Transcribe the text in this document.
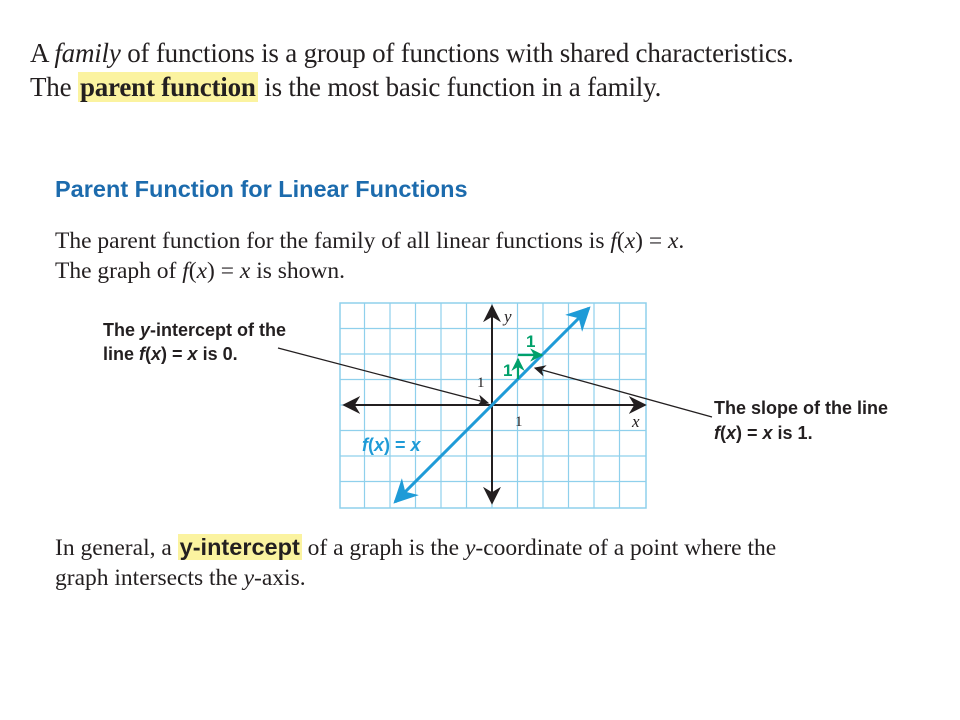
A family of functions is a group of functions with shared characteristics.
The parent function is the most basic function in a family.
Parent Function for Linear Functions
The parent function for the family of all linear functions is f(x) = x.
The graph of f(x) = x is shown.
1
1
y
x
1
1
f(x) = x
The y-intercept of the
line f(x) = x is 0.
The slope of the line
f(x) = x is 1.
In general, a y-intercept of a graph is the y-coordinate of a point where the
graph intersects the y-axis.
